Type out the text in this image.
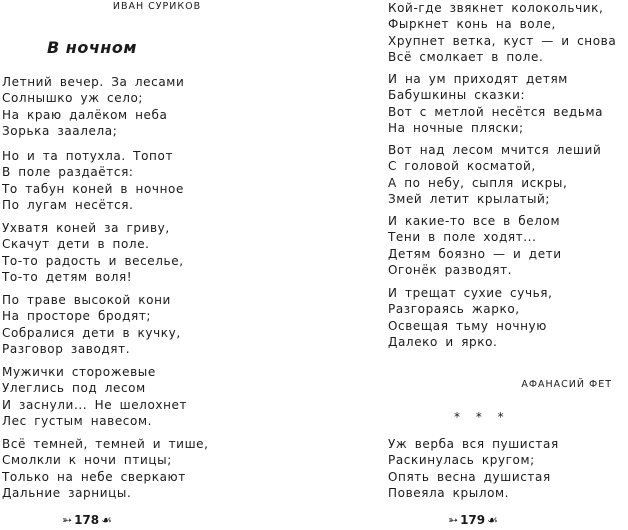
ИВАН СУРИКОВ
В ночном
Летний вечер. За лесами
Солнышко уж село;
На краю далёком неба
Зорька заалела;
Но и та потухла. Топот
В поле раздаётся:
То табун коней в ночное
По лугам несётся.
Ухватя коней за гриву,
Скачут дети в поле.
То-то радость и веселье,
То-то детям воля!
По траве высокой кони
На просторе бродят;
Собралися дети в кучку,
Разговор заводят.
Мужички сторожевые
Улеглись под лесом
И заснули... Не шелохнет
Лес густым навесом.
Всё темней, темней и тише,
Смолкли к ночи птицы;
Только на небе сверкают
Дальние зарницы.
➳ 178 ☙
Кой-где звякнет колокольчик,
Фыркнет конь на воле,
Хрупнет ветка, куст — и снова
Всё смолкает в поле.
И на ум приходят детям
Бабушкины сказки:
Вот с метлой несётся ведьма
На ночные пляски;
Вот над лесом мчится леший
С головой косматой,
А по небу, сыпля искры,
Змей летит крылатый;
И какие-то все в белом
Тени в поле ходят...
Детям боязно — и дети
Огонёк разводят.
И трещат сухие сучья,
Разгораясь жарко,
Освещая тьму ночную
Далеко и ярко.
АФАНАСИЙ ФЕТ
* * *
Уж верба вся пушистая
Раскинулась кругом;
Опять весна душистая
Повеяла крылом.
➳ 179 ☙
